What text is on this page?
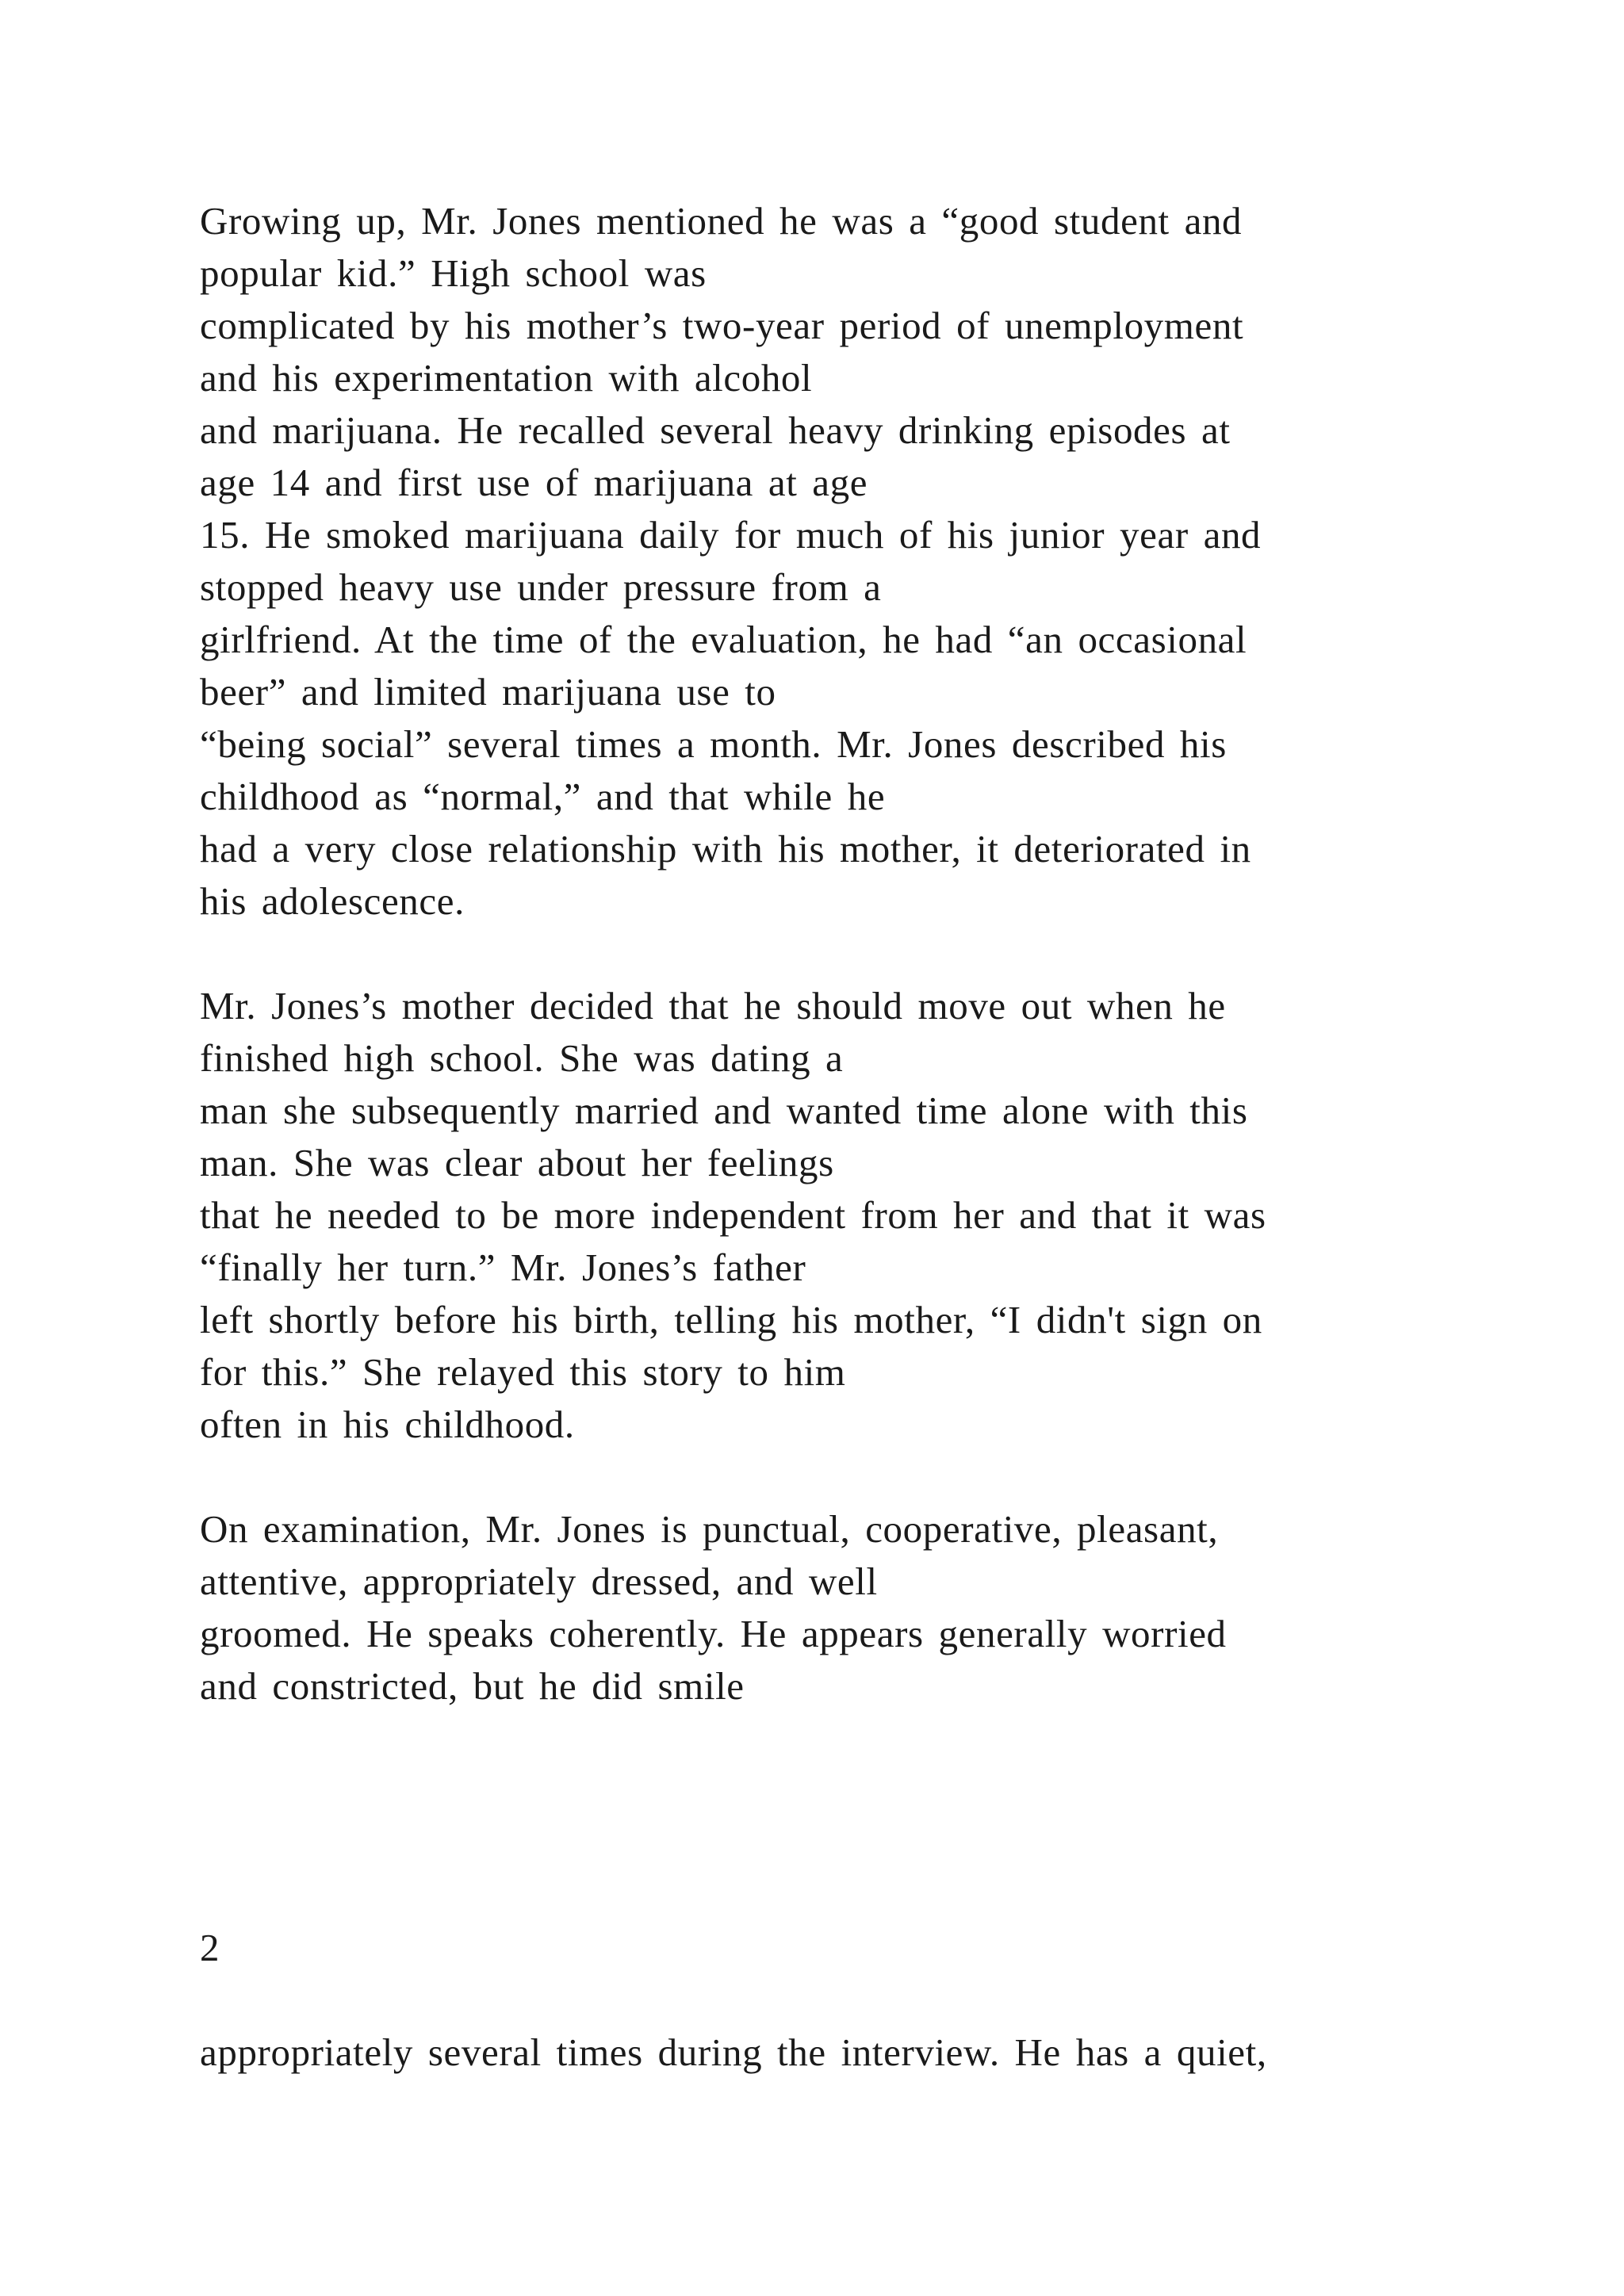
Growing up, Mr. Jones mentioned he was a “good student and
popular kid.” High school was
complicated by his mother’s two-year period of unemployment
and his experimentation with alcohol
and marijuana. He recalled several heavy drinking episodes at
age 14 and first use of marijuana at age
15. He smoked marijuana daily for much of his junior year and
stopped heavy use under pressure from a
girlfriend. At the time of the evaluation, he had “an occasional
beer” and limited marijuana use to
“being social” several times a month. Mr. Jones described his
childhood as “normal,” and that while he
had a very close relationship with his mother, it deteriorated in
his adolescence.

Mr. Jones’s mother decided that he should move out when he
finished high school. She was dating a
man she subsequently married and wanted time alone with this
man. She was clear about her feelings
that he needed to be more independent from her and that it was
“finally her turn.” Mr. Jones’s father
left shortly before his birth, telling his mother, “I didn't sign on
for this.” She relayed this story to him
often in his childhood.

On examination, Mr. Jones is punctual, cooperative, pleasant,
attentive, appropriately dressed, and well
groomed. He speaks coherently. He appears generally worried
and constricted, but he did smile

2

appropriately several times during the interview. He has a quiet,
